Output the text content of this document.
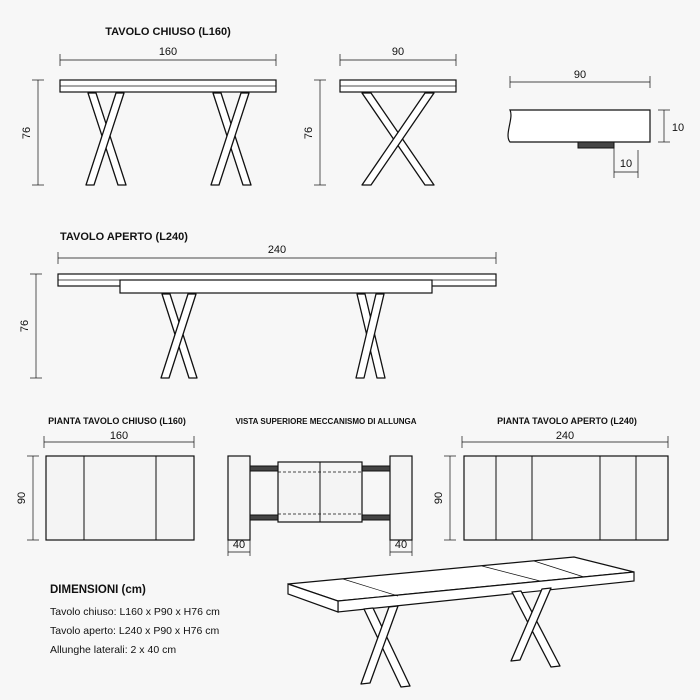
TAVOLO CHIUSO (L160)
160
76
90
76
90
10
10
TAVOLO APERTO (L240)
240
76
PIANTA TAVOLO CHIUSO (L160)
160
90
VISTA SUPERIORE MECCANISMO DI ALLUNGA
40	40
PIANTA TAVOLO APERTO (L240)
240
90
DIMENSIONI (cm)
Tavolo chiuso: L160 x P90 x H76 cm
Tavolo aperto: L240 x P90 x H76 cm
Allunghe laterali: 2 x 40 cm
